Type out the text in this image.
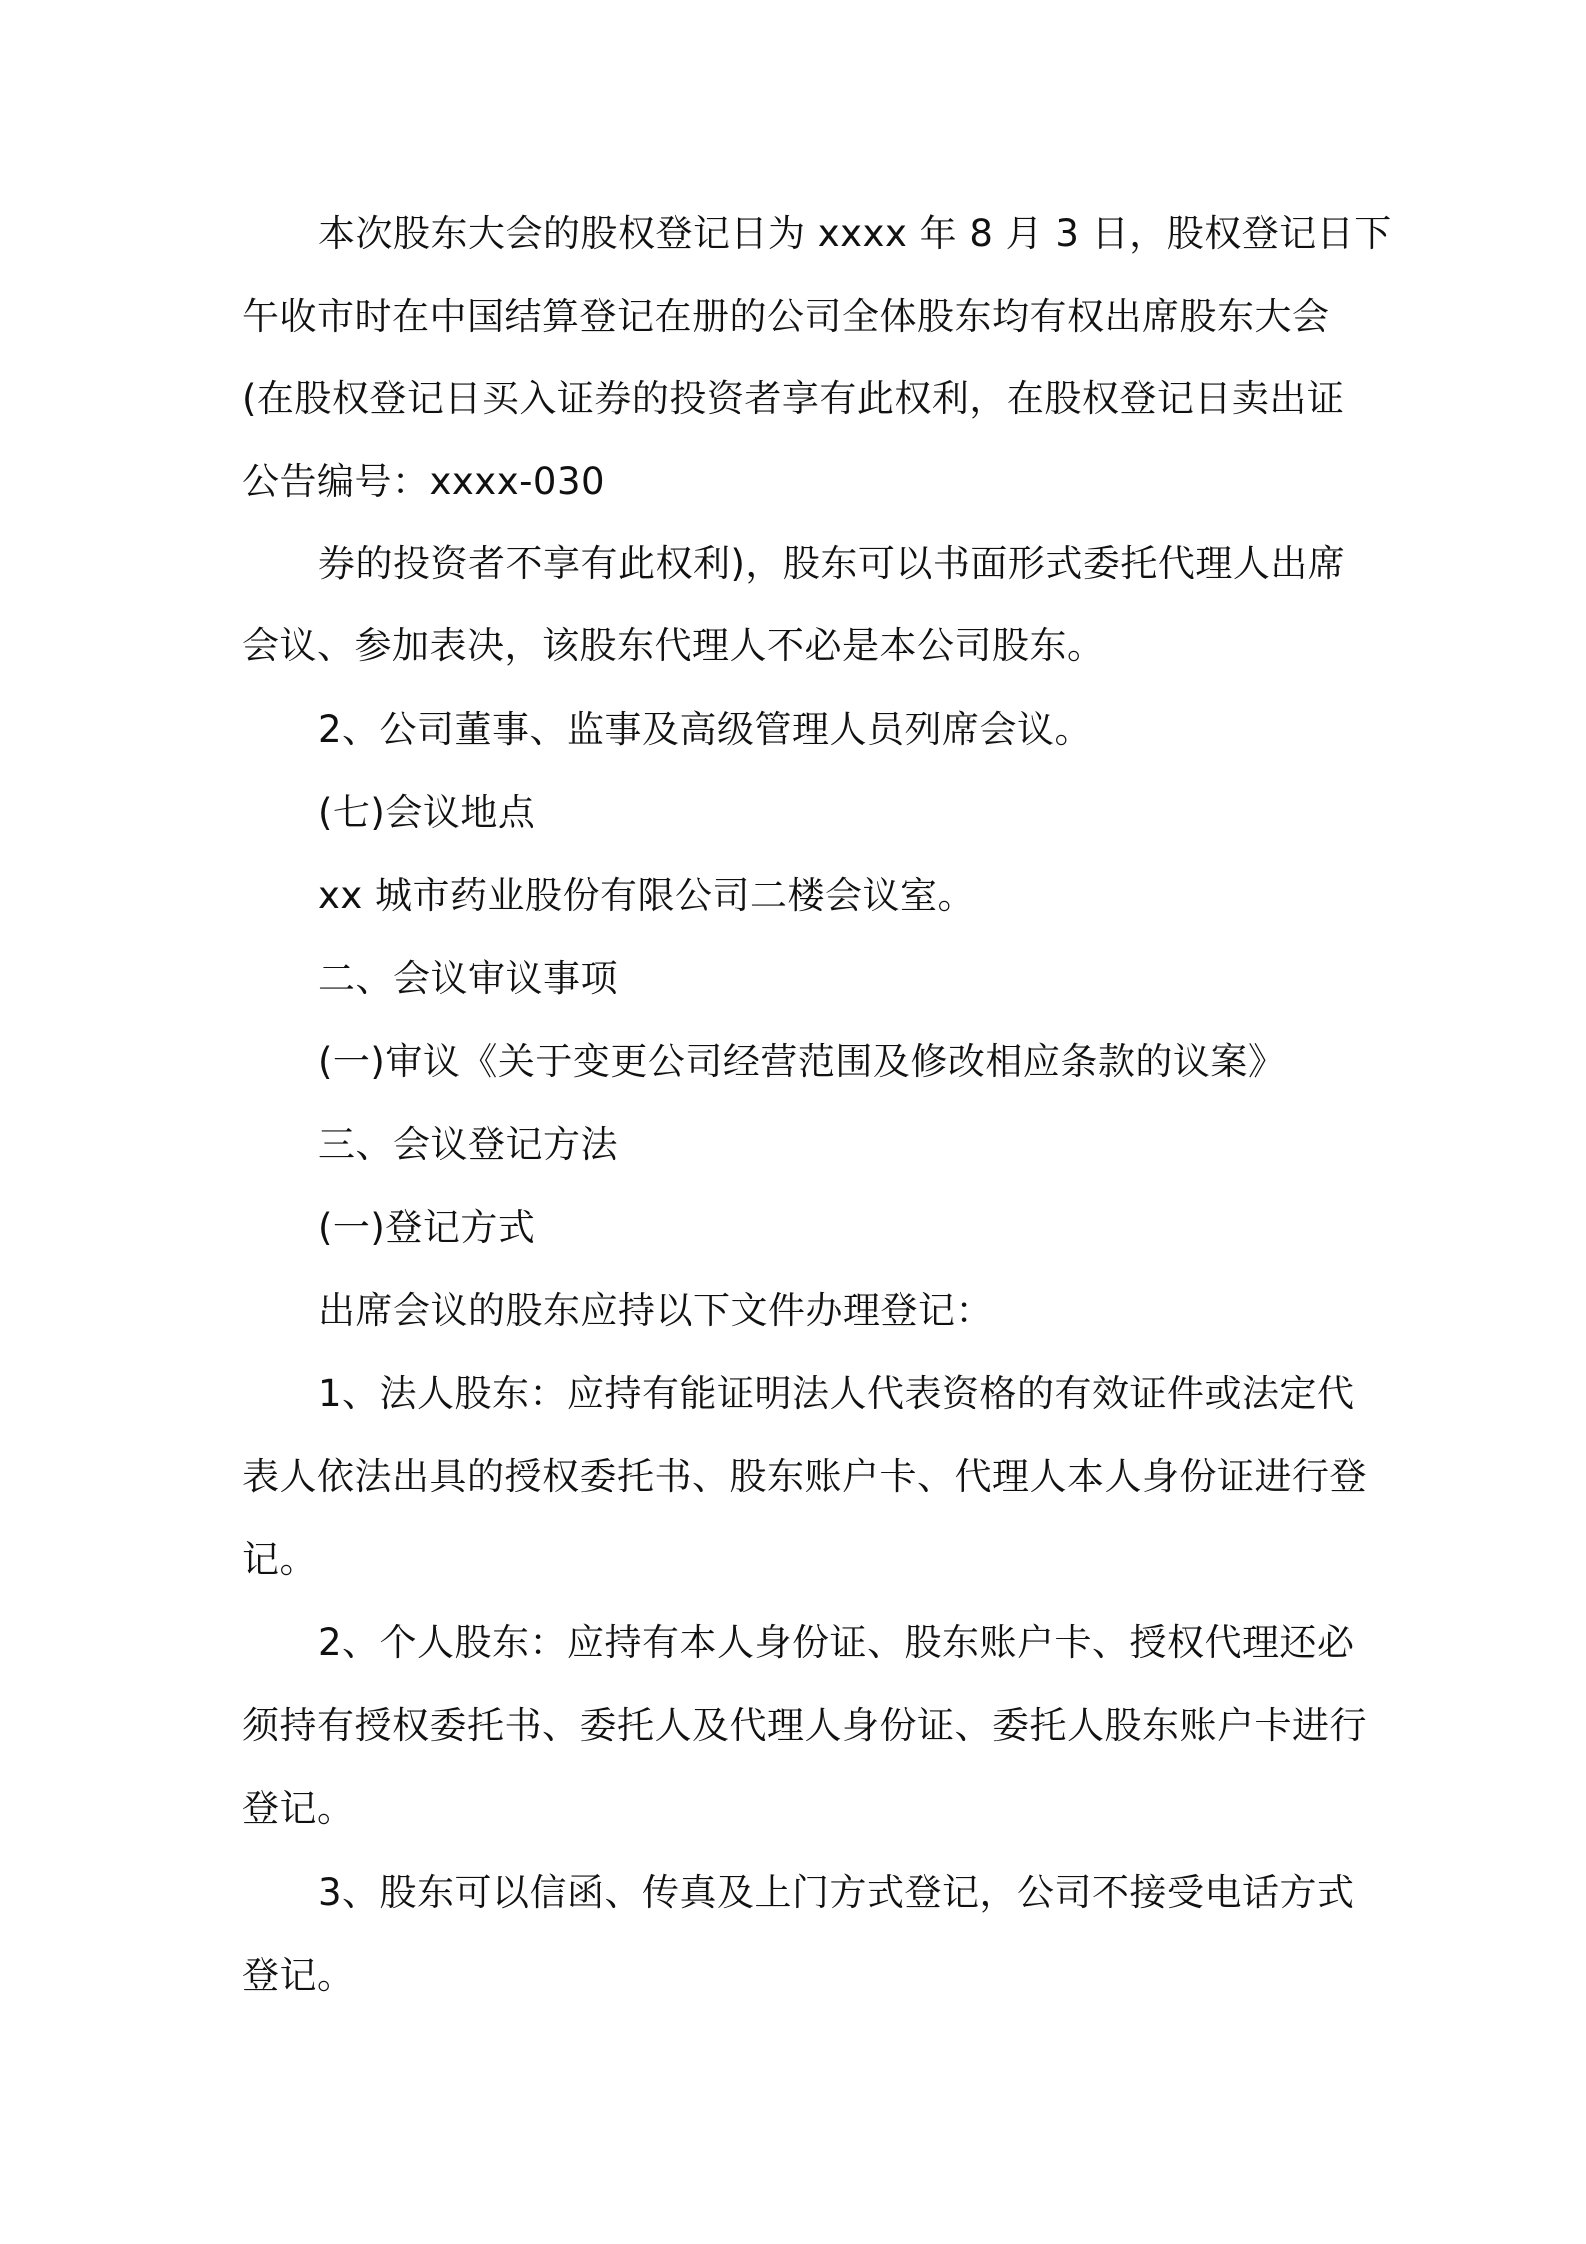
本次股东大会的股权登记日为 xxxx 年 8 月 3 日，股权登记日下
午收市时在中国结算登记在册的公司全体股东均有权出席股东大会
(在股权登记日买入证券的投资者享有此权利，在股权登记日卖出证
公告编号：xxxx-030
券的投资者不享有此权利)，股东可以书面形式委托代理人出席
会议、参加表决，该股东代理人不必是本公司股东。
2、公司董事、监事及高级管理人员列席会议。
(七)会议地点
xx 城市药业股份有限公司二楼会议室。
二、会议审议事项
(一)审议《关于变更公司经营范围及修改相应条款的议案》
三、会议登记方法
(一)登记方式
出席会议的股东应持以下文件办理登记：
1、法人股东：应持有能证明法人代表资格的有效证件或法定代
表人依法出具的授权委托书、股东账户卡、代理人本人身份证进行登
记。
2、个人股东：应持有本人身份证、股东账户卡、授权代理还必
须持有授权委托书、委托人及代理人身份证、委托人股东账户卡进行
登记。
3、股东可以信函、传真及上门方式登记，公司不接受电话方式
登记。
